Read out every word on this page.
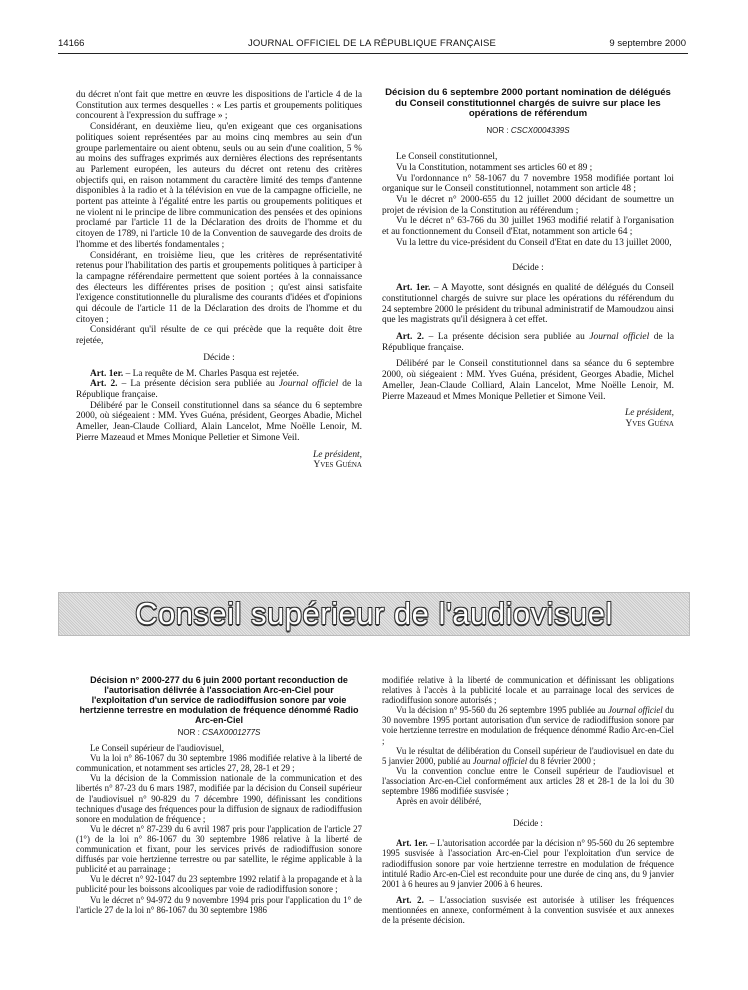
14166	JOURNAL OFFICIEL DE LA RÉPUBLIQUE FRANÇAISE	9 septembre 2000

du décret n'ont fait que mettre en œuvre les dispositions de l'article 4 de la Constitution aux termes desquelles : « Les partis et groupements politiques concourent à l'expression du suffrage » ;

Considérant, en deuxième lieu, qu'en exigeant que ces organisations politiques soient représentées par au moins cinq membres au sein d'un groupe parlementaire ou aient obtenu, seuls ou au sein d'une coalition, 5 % au moins des suffrages exprimés aux dernières élections des représentants au Parlement européen, les auteurs du décret ont retenu des critères objectifs qui, en raison notamment du caractère limité des temps d'antenne disponibles à la radio et à la télévision en vue de la campagne officielle, ne portent pas atteinte à l'égalité entre les partis ou groupements politiques et ne violent ni le principe de libre communication des pensées et des opinions proclamé par l'article 11 de la Déclaration des droits de l'homme et du citoyen de 1789, ni l'article 10 de la Convention de sauvegarde des droits de l'homme et des libertés fondamentales ;

Considérant, en troisième lieu, que les critères de représentativité retenus pour l'habilitation des partis et groupements politiques à participer à la campagne référendaire permettent que soient portées à la connaissance des électeurs les différentes prises de position ; qu'est ainsi satisfaite l'exigence constitutionnelle du pluralisme des courants d'idées et d'opinions qui découle de l'article 11 de la Déclaration des droits de l'homme et du citoyen ;

Considérant qu'il résulte de ce qui précède que la requête doit être rejetée,

Décide :

Art. 1er. – La requête de M. Charles Pasqua est rejetée.

Art. 2. – La présente décision sera publiée au Journal officiel de la République française.

Délibéré par le Conseil constitutionnel dans sa séance du 6 septembre 2000, où siégeaient : MM. Yves Guéna, président, Georges Abadie, Michel Ameller, Jean-Claude Colliard, Alain Lancelot, Mme Noëlle Lenoir, M. Pierre Mazeaud et Mmes Monique Pelletier et Simone Veil.

Le président,

Yves Guéna

Décision du 6 septembre 2000 portant nomination de délégués du Conseil constitutionnel chargés de suivre sur place les opérations de référendum

NOR : CSCX0004339S

Le Conseil constitutionnel,

Vu la Constitution, notamment ses articles 60 et 89 ;

Vu l'ordonnance n° 58-1067 du 7 novembre 1958 modifiée portant loi organique sur le Conseil constitutionnel, notamment son article 48 ;

Vu le décret n° 2000-655 du 12 juillet 2000 décidant de soumettre un projet de révision de la Constitution au référendum ;

Vu le décret n° 63-766 du 30 juillet 1963 modifié relatif à l'organisation et au fonctionnement du Conseil d'Etat, notamment son article 64 ;

Vu la lettre du vice-président du Conseil d'Etat en date du 13 juillet 2000,

Décide :

Art. 1er. – A Mayotte, sont désignés en qualité de délégués du Conseil constitutionnel chargés de suivre sur place les opérations du référendum du 24 septembre 2000 le président du tribunal administratif de Mamoudzou ainsi que les magistrats qu'il désignera à cet effet.

Art. 2. – La présente décision sera publiée au Journal officiel de la République française.

Délibéré par le Conseil constitutionnel dans sa séance du 6 septembre 2000, où siégeaient : MM. Yves Guéna, président, Georges Abadie, Michel Ameller, Jean-Claude Colliard, Alain Lancelot, Mme Noëlle Lenoir, M. Pierre Mazeaud et Mmes Monique Pelletier et Simone Veil.

Le président,

Yves Guéna

Conseil supérieur de l'audiovisuel

Décision n° 2000-277 du 6 juin 2000 portant reconduction de l'autorisation délivrée à l'association Arc-en-Ciel pour l'exploitation d'un service de radiodiffusion sonore par voie hertzienne terrestre en modulation de fréquence dénommé Radio Arc-en-Ciel

NOR : CSAX0001277S

Le Conseil supérieur de l'audiovisuel,

Vu la loi n° 86-1067 du 30 septembre 1986 modifiée relative à la liberté de communication, et notamment ses articles 27, 28, 28-1 et 29 ;

Vu la décision de la Commission nationale de la communication et des libertés n° 87-23 du 6 mars 1987, modifiée par la décision du Conseil supérieur de l'audiovisuel n° 90-829 du 7 décembre 1990, définissant les conditions techniques d'usage des fréquences pour la diffusion de signaux de radiodiffusion sonore en modulation de fréquence ;

Vu le décret n° 87-239 du 6 avril 1987 pris pour l'application de l'article 27 (1°) de la loi n° 86-1067 du 30 septembre 1986 relative à la liberté de communication et fixant, pour les services privés de radiodiffusion sonore diffusés par voie hertzienne terrestre ou par satellite, le régime applicable à la publicité et au parrainage ;

Vu le décret n° 92-1047 du 23 septembre 1992 relatif à la propagande et à la publicité pour les boissons alcooliques par voie de radiodiffusion sonore ;

Vu le décret n° 94-972 du 9 novembre 1994 pris pour l'application du 1° de l'article 27 de la loi n° 86-1067 du 30 septembre 1986

modifiée relative à la liberté de communication et définissant les obligations relatives à l'accès à la publicité locale et au parrainage local des services de radiodiffusion sonore autorisés ;

Vu la décision n° 95-560 du 26 septembre 1995 publiée au Journal officiel du 30 novembre 1995 portant autorisation d'un service de radiodiffusion sonore par voie hertzienne terrestre en modulation de fréquence dénommé Radio Arc-en-Ciel ;

Vu le résultat de délibération du Conseil supérieur de l'audiovisuel en date du 5 janvier 2000, publié au Journal officiel du 8 février 2000 ;

Vu la convention conclue entre le Conseil supérieur de l'audiovisuel et l'association Arc-en-Ciel conformément aux articles 28 et 28-1 de la loi du 30 septembre 1986 modifiée susvisée ;

Après en avoir délibéré,

Décide :

Art. 1er. – L'autorisation accordée par la décision n° 95-560 du 26 septembre 1995 susvisée à l'association Arc-en-Ciel pour l'exploitation d'un service de radiodiffusion sonore par voie hertzienne terrestre en modulation de fréquence intitulé Radio Arc-en-Ciel est reconduite pour une durée de cinq ans, du 9 janvier 2001 à 6 heures au 9 janvier 2006 à 6 heures.

Art. 2. – L'association susvisée est autorisée à utiliser les fréquences mentionnées en annexe, conformément à la convention susvisée et aux annexes de la présente décision.
